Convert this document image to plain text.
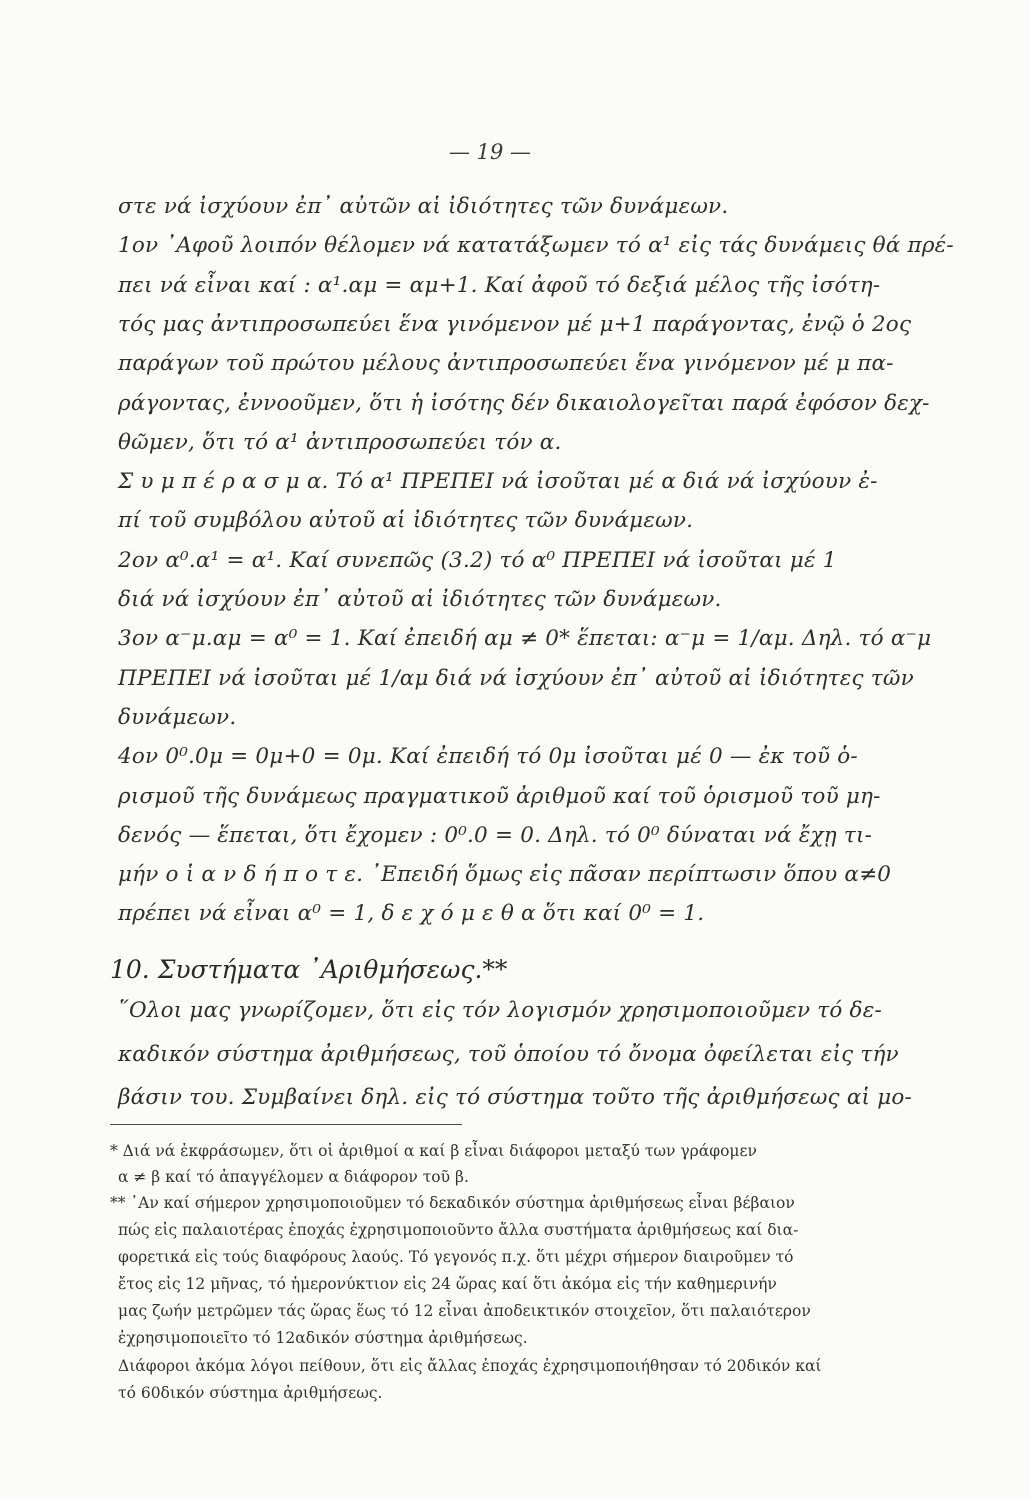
— 19 —
στε νά ἰσχύουν ἐπ᾽ αὐτῶν αἱ ἰδιότητες τῶν δυνάμεων.
1ον ᾿Αφοῦ λοιπόν θέλομεν νά κατατάξωμεν τό α¹ εἰς τάς δυνάμεις θά πρέ-
πει νά εἶναι καί : α¹.αμ = αμ+1. Καί ἀφοῦ τό δεξιά μέλος τῆς ἰσότη-
τός μας ἀντιπροσωπεύει ἕνα γινόμενον μέ μ+1 παράγοντας, ἐνῷ ὁ 2ος
παράγων τοῦ πρώτου μέλους ἀντιπροσωπεύει ἕνα γινόμενον μέ μ πα-
ράγοντας, ἐννοοῦμεν, ὅτι ἡ ἰσότης δέν δικαιολογεῖται παρά ἐφόσον δεχ-
θῶμεν, ὅτι τό α¹ ἀντιπροσωπεύει τόν α.
Σ υ μ π έ ρ α σ μ α. Τό α¹ ΠΡΕΠΕΙ νά ἰσοῦται μέ α διά νά ἰσχύουν ἐ-
πί τοῦ συμβόλου αὐτοῦ αἱ ἰδιότητες τῶν δυνάμεων.
2ον α⁰.α¹ = α¹. Καί συνεπῶς (3.2) τό α⁰ ΠΡΕΠΕΙ νά ἰσοῦται μέ 1
διά νά ἰσχύουν ἐπ᾽ αὐτοῦ αἱ ἰδιότητες τῶν δυνάμεων.
3ον α⁻μ.αμ = α⁰ = 1. Καί ἐπειδή αμ ≠ 0* ἕπεται: α⁻μ = 1/αμ. Δηλ. τό α⁻μ
ΠΡΕΠΕΙ νά ἰσοῦται μέ 1/αμ διά νά ἰσχύουν ἐπ᾽ αὐτοῦ αἱ ἰδιότητες τῶν
δυνάμεων.
4ον 0⁰.0μ = 0μ+0 = 0μ. Καί ἐπειδή τό 0μ ἰσοῦται μέ 0 — ἐκ τοῦ ὁ-
ρισμοῦ τῆς δυνάμεως πραγματικοῦ ἀριθμοῦ καί τοῦ ὁρισμοῦ τοῦ μη-
δενός — ἕπεται, ὅτι ἔχομεν : 0⁰.0 = 0. Δηλ. τό 0⁰ δύναται νά ἔχῃ τι-
μήν ο ἱ α ν δ ή π ο τ ε. ᾿Επειδή ὅμως εἰς πᾶσαν περίπτωσιν ὅπου α≠0
πρέπει νά εἶναι α⁰ = 1, δ ε χ ό μ ε θ α ὅτι καί 0⁰ = 1.
10. Συστήματα ᾿Αριθμήσεως.**
῞Ολοι μας γνωρίζομεν, ὅτι εἰς τόν λογισμόν χρησιμοποιοῦμεν τό δε-
καδικόν σύστημα ἀριθμήσεως, τοῦ ὁποίου τό ὄνομα ὀφείλεται εἰς τήν
βάσιν του. Συμβαίνει δηλ. εἰς τό σύστημα τοῦτο τῆς ἀριθμήσεως αἱ μο-
* Διά νά ἐκφράσωμεν, ὅτι οἱ ἀριθμοί α καί β εἶναι διάφοροι μεταξύ των γράφομεν
α ≠ β καί τό ἀπαγγέλομεν α διάφορον τοῦ β.
** ᾿Αν καί σήμερον χρησιμοποιοῦμεν τό δεκαδικόν σύστημα ἀριθμήσεως εἶναι βέβαιον
πώς εἰς παλαιοτέρας ἐποχάς ἐχρησιμοποιοῦντο ἄλλα συστήματα ἀριθμήσεως καί δια-
φορετικά εἰς τούς διαφόρους λαούς. Τό γεγονός π.χ. ὅτι μέχρι σήμερον διαιροῦμεν τό
ἔτος εἰς 12 μῆνας, τό ἡμερονύκτιον εἰς 24 ὥρας καί ὅτι ἀκόμα εἰς τήν καθημερινήν
μας ζωήν μετρῶμεν τάς ὥρας ἕως τό 12 εἶναι ἀποδεικτικόν στοιχεῖον, ὅτι παλαιότερον
ἐχρησιμοποιεῖτο τό 12αδικόν σύστημα ἀριθμήσεως.
Διάφοροι ἀκόμα λόγοι πείθουν, ὅτι εἰς ἄλλας ἐποχάς ἐχρησιμοποιήθησαν τό 20δικόν καί
τό 60δικόν σύστημα ἀριθμήσεως.
